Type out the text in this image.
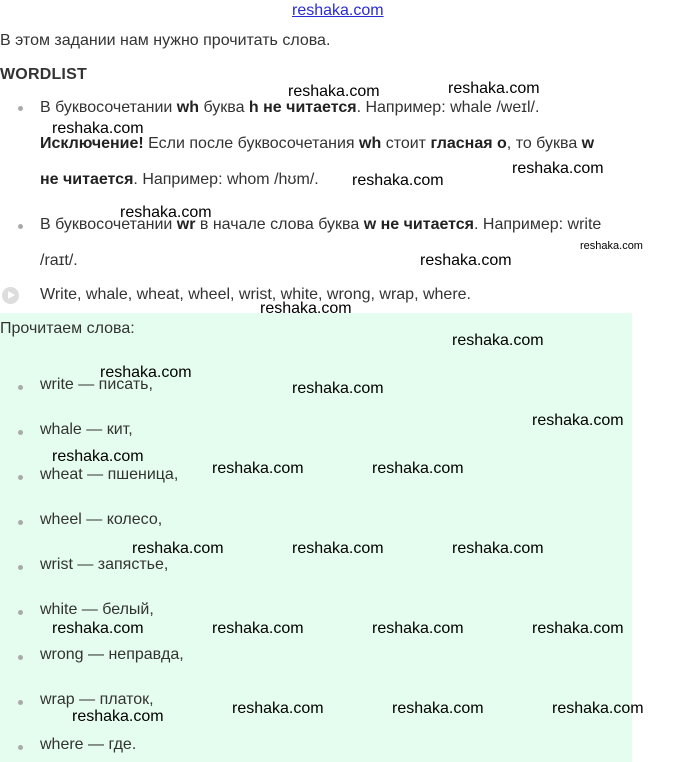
reshaka.com
В этом задании нам нужно прочитать слова.
WORDLIST
В буквосочетании wh буква h не читается. Например: whale /weɪl/.
Исключение! Если после буквосочетания wh стоит гласная o, то буква w
не читается. Например: whom /hʊm/.
В буквосочетании wr в начале слова буква w не читается. Например: write
/raɪt/.
Write, whale, wheat, wheel, wrist, white, wrong, wrap, where.
Прочитаем слова:
write — писать,
whale — кит,
wheat — пшеница,
wheel — колесо,
wrist — запястье,
white — белый,
wrong — неправда,
wrap — платок,
where — где.
reshaka.com	reshaka.com
reshaka.com
reshaka.com
reshaka.com
reshaka.com
reshaka.com
reshaka.com
reshaka.com
reshaka.com
reshaka.com
reshaka.com
reshaka.com
reshaka.com
reshaka.com	reshaka.com
reshaka.com	reshaka.com	reshaka.com
reshaka.com	reshaka.com	reshaka.com	reshaka.com
reshaka.com	reshaka.com	reshaka.com
reshaka.com
